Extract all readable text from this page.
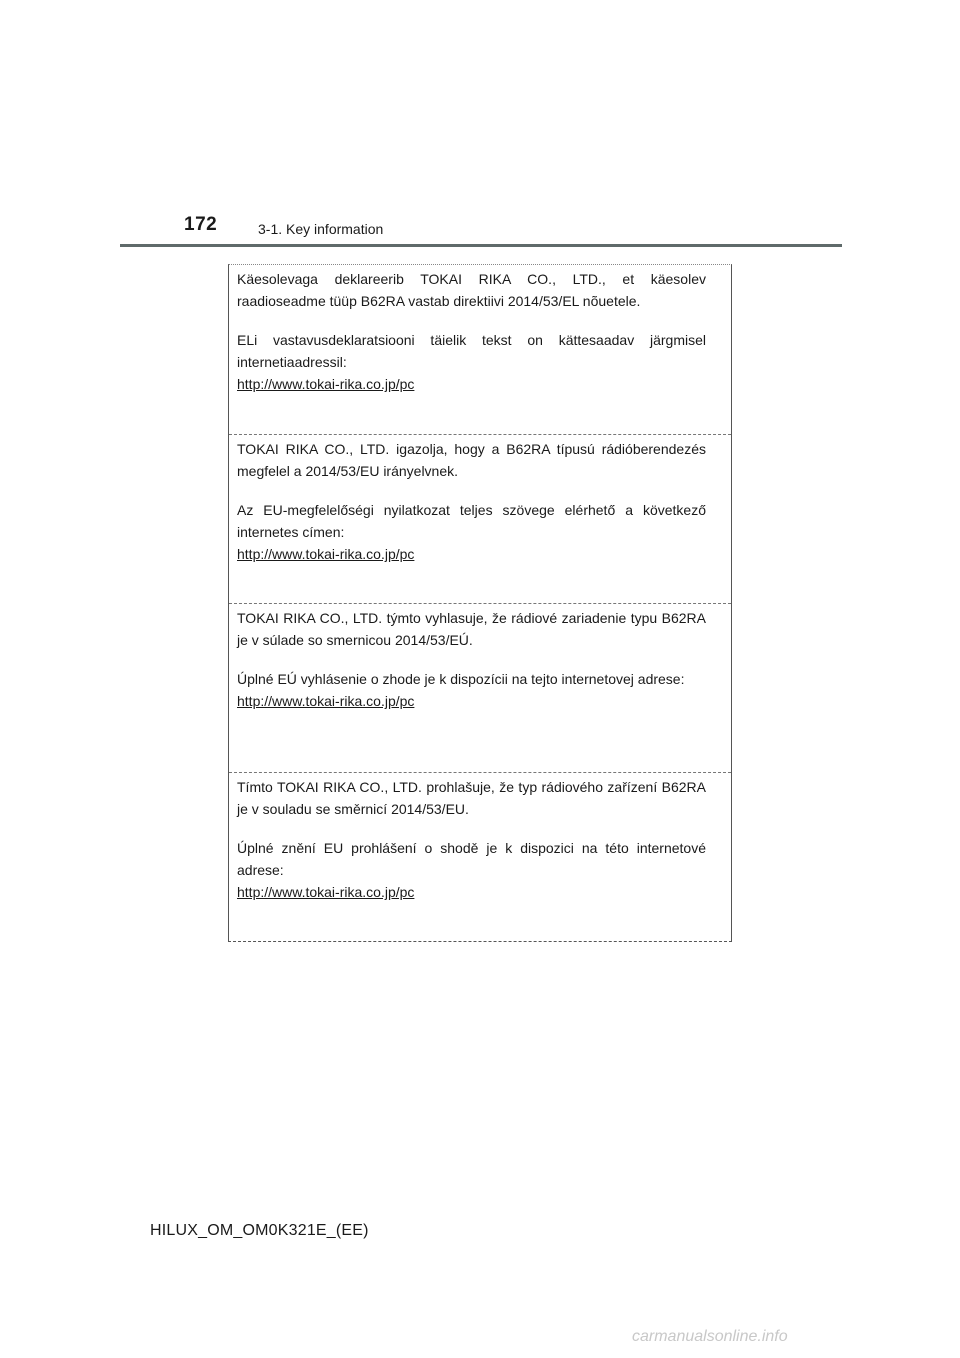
172	3-1. Key information

Käesolevaga deklareerib TOKAI RIKA CO., LTD., et käesolev raadioseadme tüüp B62RA vastab direktiivi 2014/53/EL nõuetele.

ELi vastavusdeklaratsiooni täielik tekst on kättesaadav järgmisel internetiaadressil:

http://www.tokai-rika.co.jp/pc

TOKAI RIKA CO., LTD. igazolja, hogy a B62RA típusú rádióberendezés megfelel a 2014/53/EU irányelvnek.

Az EU-megfelelőségi nyilatkozat teljes szövege elérhető a következő internetes címen:

http://www.tokai-rika.co.jp/pc

TOKAI RIKA CO., LTD. týmto vyhlasuje, že rádiové zariadenie typu B62RA je v súlade so smernicou 2014/53/EÚ.

Úplné EÚ vyhlásenie o zhode je k dispozícii na tejto internetovej adrese:

http://www.tokai-rika.co.jp/pc

Tímto TOKAI RIKA CO., LTD. prohlašuje, že typ rádiového zařízení B62RA je v souladu se směrnicí 2014/53/EU.

Úplné znění EU prohlášení o shodě je k dispozici na této internetové adrese:

http://www.tokai-rika.co.jp/pc
HILUX_OM_OM0K321E_(EE)
carmanualsonline.info
